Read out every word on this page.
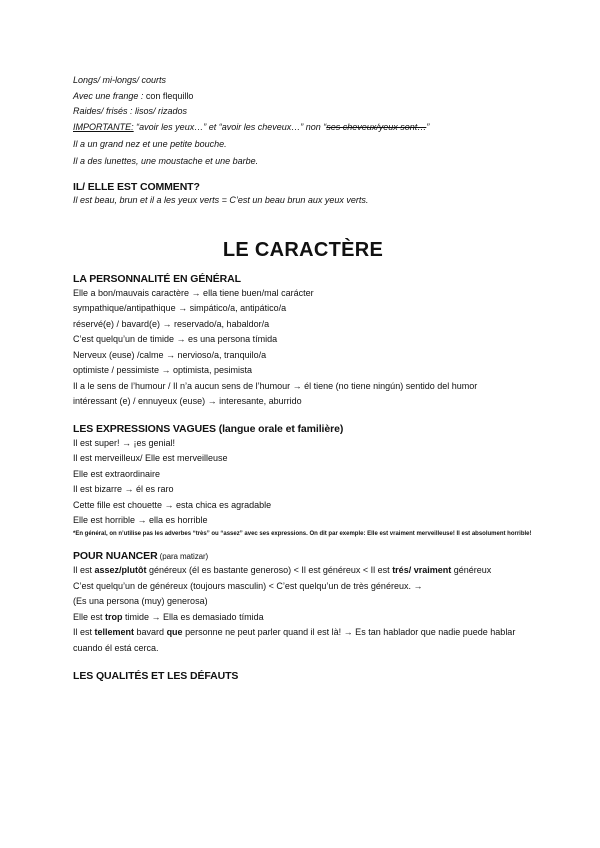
Longs/ mi-longs/ courts
Avec une frange : con flequillo
Raides/ frisés : lisos/ rizados
IMPORTANTE: “avoir les yeux…” et “avoir les cheveux…” non “ses cheveux/yeux sont…”
Il a un grand nez et une petite bouche.
Il a des lunettes, une moustache et une barbe.
IL/ ELLE EST COMMENT?
Il est beau, brun et il a les yeux verts = C’est un beau brun aux yeux verts.
LE CARACTÈRE
LA PERSONNALITÉ EN GÉNÉRAL
Elle a bon/mauvais caractère → ella tiene buen/mal carácter
sympathique/antipathique → simpático/a, antipático/a
réservé(e) / bavard(e) → reservado/a, habaldor/a
C’est quelqu’un de timide → es una persona tímida
Nerveux (euse) /calme → nervioso/a, tranquilo/a
optimiste / pessimiste → optimista, pesimista
Il a le sens de l’humour / Il n’a aucun sens de l’humour → él tiene (no tiene ningún) sentido del humor
intéressant (e) / ennuyeux (euse) → interesante, aburrido
LES EXPRESSIONS VAGUES (langue orale et familière)
Il est super! → ¡es genial!
Il est merveilleux/ Elle est merveilleuse
Elle est extraordinaire
Il est bizarre → él es raro
Cette fille est chouette → esta chica es agradable
Elle est horrible → ella es horrible
*En général, on n’utilise pas les adverbes “très” ou “assez” avec ses expressions. On dit par exemple: Elle est vraiment merveilleuse! Il est absolument horrible!
POUR NUANCER (para matizar)
Il est assez/plutôt généreux (él es bastante generoso) < Il est généreux < Il est trés/ vraiment généreux
C’est quelqu’un de généreux (toujours masculin) < C’est quelqu’un de très généreux. →
(Es una persona (muy) generosa)
Elle est trop timide → Ella es demasiado tímida
Il est tellement bavard que personne ne peut parler quand il est là! → Es tan hablador que nadie puede hablar cuando él está cerca.
LES QUALITÉS ET LES DÉFAUTS
